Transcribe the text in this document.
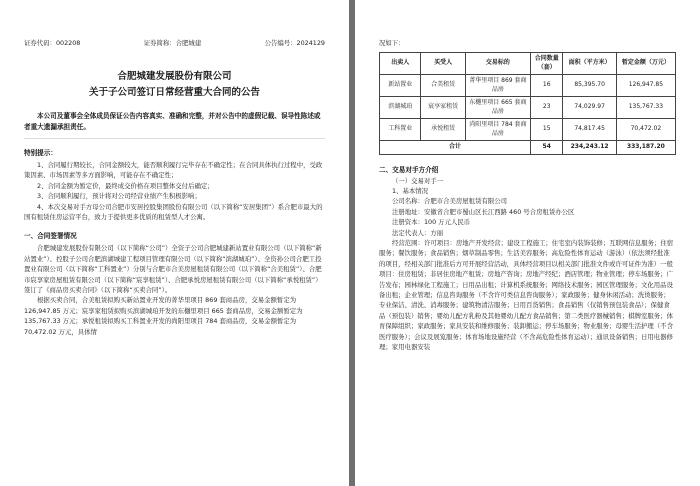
证券代码：002208	证券简称：合肥城建	公告编号：2024129
合肥城建发展股份有限公司
关于子公司签订日常经营重大合同的公告
本公司及董事会全体成员保证公告内容真实、准确和完整，并对公告中的虚假记载、误导性陈述或者重大遗漏承担责任。
特别提示：
1、合同履行期较长，合同金额较大，能否顺利履行完毕存在不确定性；在合同具体执行过程中，受政策因素、市场因素等多方面影响，可能存在不确定性；
2、合同金额为暂定价，最终成交价格在项目整体交付后确定；
3、合同顺利履行，预计将对公司经营业绩产生积极影响；
4、本次交易对手方母公司合肥市安居控股集团股份有限公司（以下简称“安居集团”）系合肥市最大的国有租赁住房运营平台，致力于提供更多优质的租赁型人才公寓。
一、合同签署情况
合肥城建发展股份有限公司（以下简称“公司”）全资子公司合肥城建新站置业有限公司（以下简称“新站置业”）、控股子公司合肥滨湖城建工程项目管理有限公司（以下简称“滨湖城珀”）、全资孙公司合肥工投置业有限公司（以下简称“工科置业”）分别与合肥市合美房屋租赁有限公司（以下简称“合美租赁”）、合肥市宸享家房屋租赁有限公司（以下简称“宸享租赁”）、合肥承悦房屋租赁有限公司（以下简称“承悦租赁”）签订了《商品房买卖合同》（以下简称“买卖合同”）。
根据买卖合同，合美租赁拟购买新站置业开发的菁华里项目 869 套商品房，交易金额暂定为 126,947.85 万元；宸享家租赁拟购买滨湖城珀开发的东樾里项目 665 套商品房，交易金额暂定为 135,767.33 万元；承悦租赁拟购买工科置业开发的尚阳里项目 784 套商品房，交易金额暂定为 70,472.02 万元，具体情
况如下：
出卖人	买受人	交易标的	合同数量（套）	面积（平方米）	暂定金额（万元）
新站置业	合美租赁	菁华里项目 869 套商品房	16	85,395.70	126,947.85
滨湖城珀	宸享家租赁	东樾里项目 665 套商品房	23	74,029.97	135,767.33
工科置业	承悦租赁	尚阳里项目 784 套商品房	15	74,817.45	70,472.02
合计			54	234,243.12	333,187.20
二、交易对手方介绍
（一）交易对手一
1、基本情况
公司名称：合肥市合美房屋租赁有限公司
注册地址：安徽省合肥市蜀山区长江西路 460 号合房租赁办公区
注册资本：100 万元人民币
法定代表人：方丽
经营范围：许可项目：房地产开发经营；建设工程施工；住宅室内装饰装修；互联网信息服务；住宿服务；餐饮服务；食品销售；烟草制品零售；生活美容服务；高危险性体育运动（游泳）（依法须经批准的项目，经相关部门批准后方可开展经营活动，具体经营项目以相关部门批准文件或许可证件为准）一般项目：住房租赁；非居住房地产租赁；房地产咨询；房地产经纪；酒店管理；物业管理；停车场服务；广告发布；园林绿化工程施工；日用品出租；计算机系统服务；网络技术服务；园区管理服务；文化用品设备出租；企业管理；信息咨询服务（不含许可类信息咨询服务）；家政服务；健身休闲活动；洗烫服务；专业保洁、清洗、消毒服务；建筑物清洁服务；日用百货销售；食品销售（仅销售预包装食品）；保健食品（预包装）销售；婴幼儿配方乳粉及其他婴幼儿配方食品销售；第二类医疗器械销售；棋牌室服务；体育保障组织；家政服务；家具安装和维修服务；装卸搬运；停车场服务；物业服务；母婴生活护理（不含医疗服务）；会议及展览服务；体育场地设施经营（不含高危险性体育运动）；通讯设备销售；日用电器修理；家用电器安装
